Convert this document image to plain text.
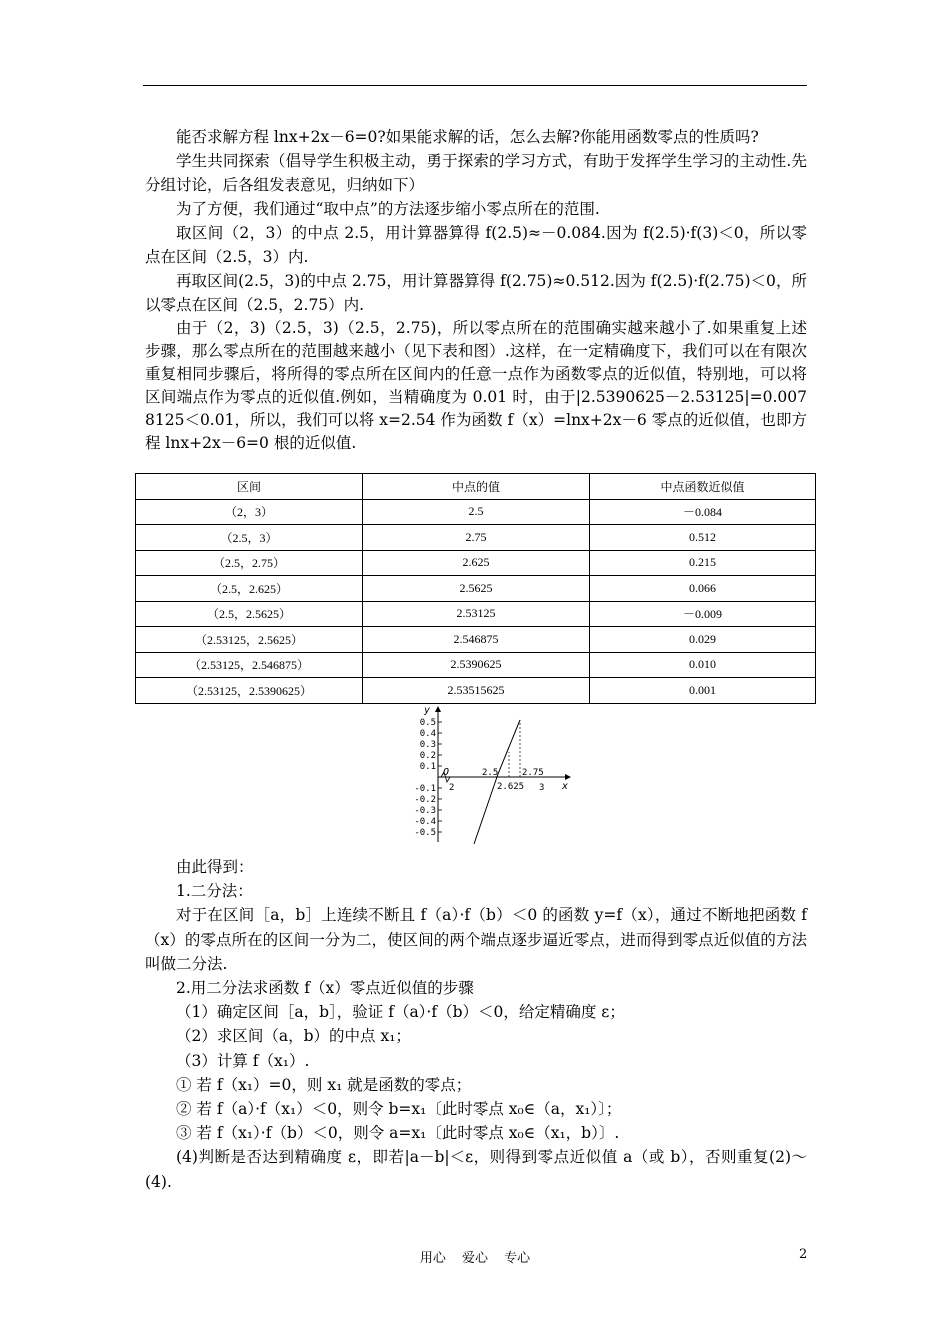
能否求解方程 lnx+2x－6=0?如果能求解的话，怎么去解?你能用函数零点的性质吗?

学生共同探索（倡导学生积极主动，勇于探索的学习方式，有助于发挥学生学习的主动性.先分组讨论，后各组发表意见，归纳如下）

为了方便，我们通过“取中点”的方法逐步缩小零点所在的范围.

取区间（2，3）的中点 2.5，用计算器算得 f(2.5)≈－0.084.因为 f(2.5)·f(3)＜0，所以零点在区间（2.5，3）内.

再取区间(2.5，3)的中点 2.75，用计算器算得 f(2.75)≈0.512.因为 f(2.5)·f(2.75)＜0，所以零点在区间（2.5，2.75）内.

由于（2，3)（2.5，3)（2.5，2.75)，所以零点所在的范围确实越来越小了.如果重复上述步骤，那么零点所在的范围越来越小（见下表和图）.这样，在一定精确度下，我们可以在有限次重复相同步骤后，将所得的零点所在区间内的任意一点作为函数零点的近似值，特别地，可以将区间端点作为零点的近似值.例如，当精确度为 0.01 时，由于|2.5390625－2.53125|=0.0078125＜0.01，所以，我们可以将 x=2.54 作为函数 f（x）=lnx+2x－6 零点的近似值，也即方程 lnx+2x－6=0 根的近似值.

区间	中点的值	中点函数近似值
（2，3）	2.5	－0.084
（2.5，3）	2.75	0.512
（2.5，2.75）	2.625	0.215
（2.5，2.625）	2.5625	0.066
（2.5，2.5625）	2.53125	－0.009
（2.53125，2.5625）	2.546875	0.029
（2.53125，2.546875）	2.5390625	0.010
（2.53125，2.5390625）	2.53515625	0.001
0.5
0.4
0.3
0.2
0.1
-0.1
-0.2
-0.3
-0.4
-0.5
y
x
O
2
2.5
2.625
2.75
3

由此得到：

1.二分法：

对于在区间［a，b］上连续不断且 f（a）·f（b）＜0 的函数 y=f（x），通过不断地把函数 f（x）的零点所在的区间一分为二，使区间的两个端点逐步逼近零点，进而得到零点近似值的方法叫做二分法.

2.用二分法求函数 f（x）零点近似值的步骤

（1）确定区间［a，b］，验证 f（a）·f（b）＜0，给定精确度 ε；

（2）求区间（a，b）的中点 x₁；

（3）计算 f（x₁）.

① 若 f（x₁）=0，则 x₁ 就是函数的零点；

② 若 f（a）·f（x₁）＜0，则令 b=x₁〔此时零点 x₀∈（a，x₁）〕；

③ 若 f（x₁）·f（b）＜0，则令 a=x₁〔此时零点 x₀∈（x₁，b）〕.

(4)判断是否达到精确度 ε，即若|a－b|＜ε，则得到零点近似值 a（或 b），否则重复(2)～(4).

用心 爱心 专心	2
